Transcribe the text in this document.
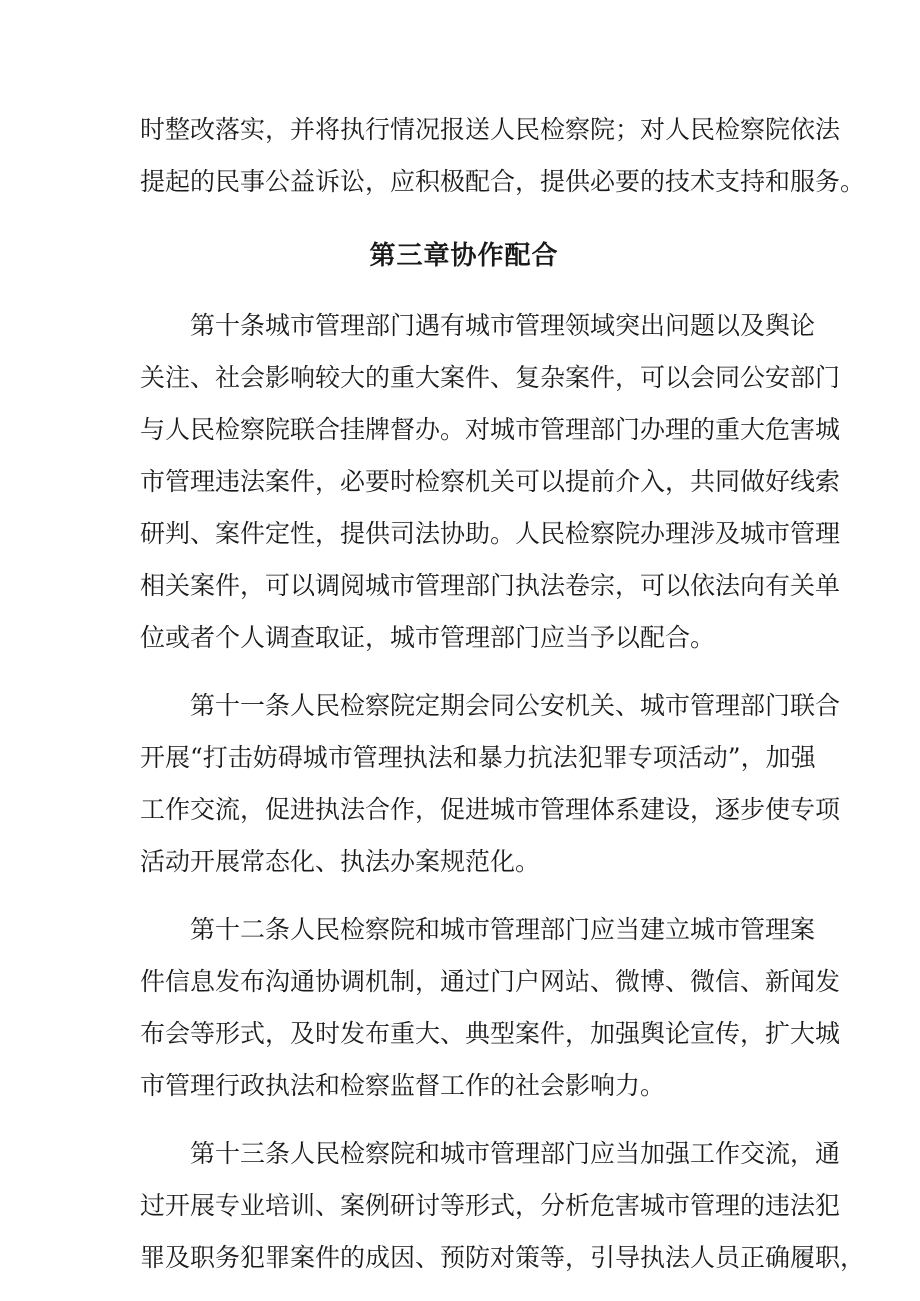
时整改落实，并将执行情况报送人民检察院；对人民检察院依法
提起的民事公益诉讼，应积极配合，提供必要的技术支持和服务。
第三章协作配合
第十条城市管理部门遇有城市管理领域突出问题以及舆论
关注、社会影响较大的重大案件、复杂案件，可以会同公安部门
与人民检察院联合挂牌督办。对城市管理部门办理的重大危害城
市管理违法案件，必要时检察机关可以提前介入，共同做好线索
研判、案件定性，提供司法协助。人民检察院办理涉及城市管理
相关案件，可以调阅城市管理部门执法卷宗，可以依法向有关单
位或者个人调查取证，城市管理部门应当予以配合。
第十一条人民检察院定期会同公安机关、城市管理部门联合
开展“打击妨碍城市管理执法和暴力抗法犯罪专项活动”，加强
工作交流，促进执法合作，促进城市管理体系建设，逐步使专项
活动开展常态化、执法办案规范化。
第十二条人民检察院和城市管理部门应当建立城市管理案
件信息发布沟通协调机制，通过门户网站、微博、微信、新闻发
布会等形式，及时发布重大、典型案件，加强舆论宣传，扩大城
市管理行政执法和检察监督工作的社会影响力。
第十三条人民检察院和城市管理部门应当加强工作交流，通
过开展专业培训、案例研讨等形式，分析危害城市管理的违法犯
罪及职务犯罪案件的成因、预防对策等，引导执法人员正确履职，
